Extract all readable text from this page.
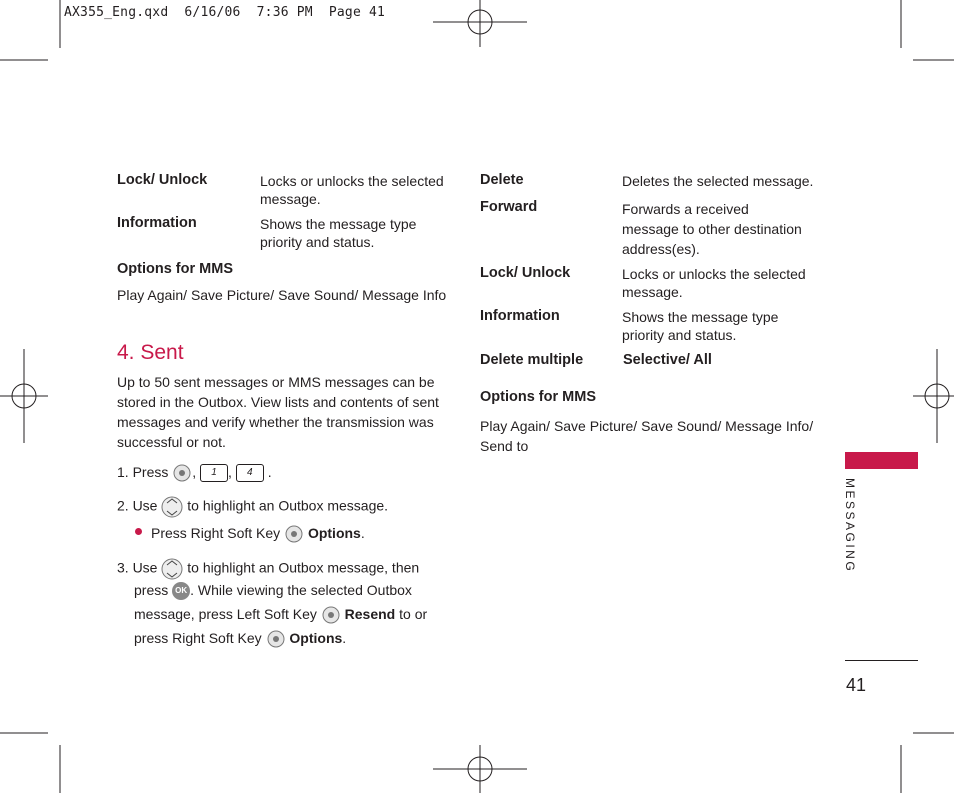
AX355_Eng.qxd  6/16/06  7:36 PM  Page 41
Lock/ Unlock	Locks or unlocks the selected message.
Information	Shows the message type priority and status.
Options for MMS
Play Again/ Save Picture/ Save Sound/ Message Info
4. Sent
Up to 50 sent messages or MMS messages can be stored in the Outbox. View lists and contents of sent messages and verify whether the transmission was successful or not.
1. Press , 1 , 4 .
2. Use to highlight an Outbox message.
Press Right Soft Key Options.
3. Use to highlight an Outbox message, then
press OK . While viewing the selected Outbox
message, press Left Soft Key Resend to or
press Right Soft Key Options.
Delete	Deletes the selected message.
Forward	Forwards a received message to other destination address(es).
Lock/ Unlock	Locks or unlocks the selected message.
Information	Shows the message type priority and status.
Delete multiple	Selective/ All
Options for MMS
Play Again/ Save Picture/ Save Sound/ Message Info/ Send to
MESSAGING
41
